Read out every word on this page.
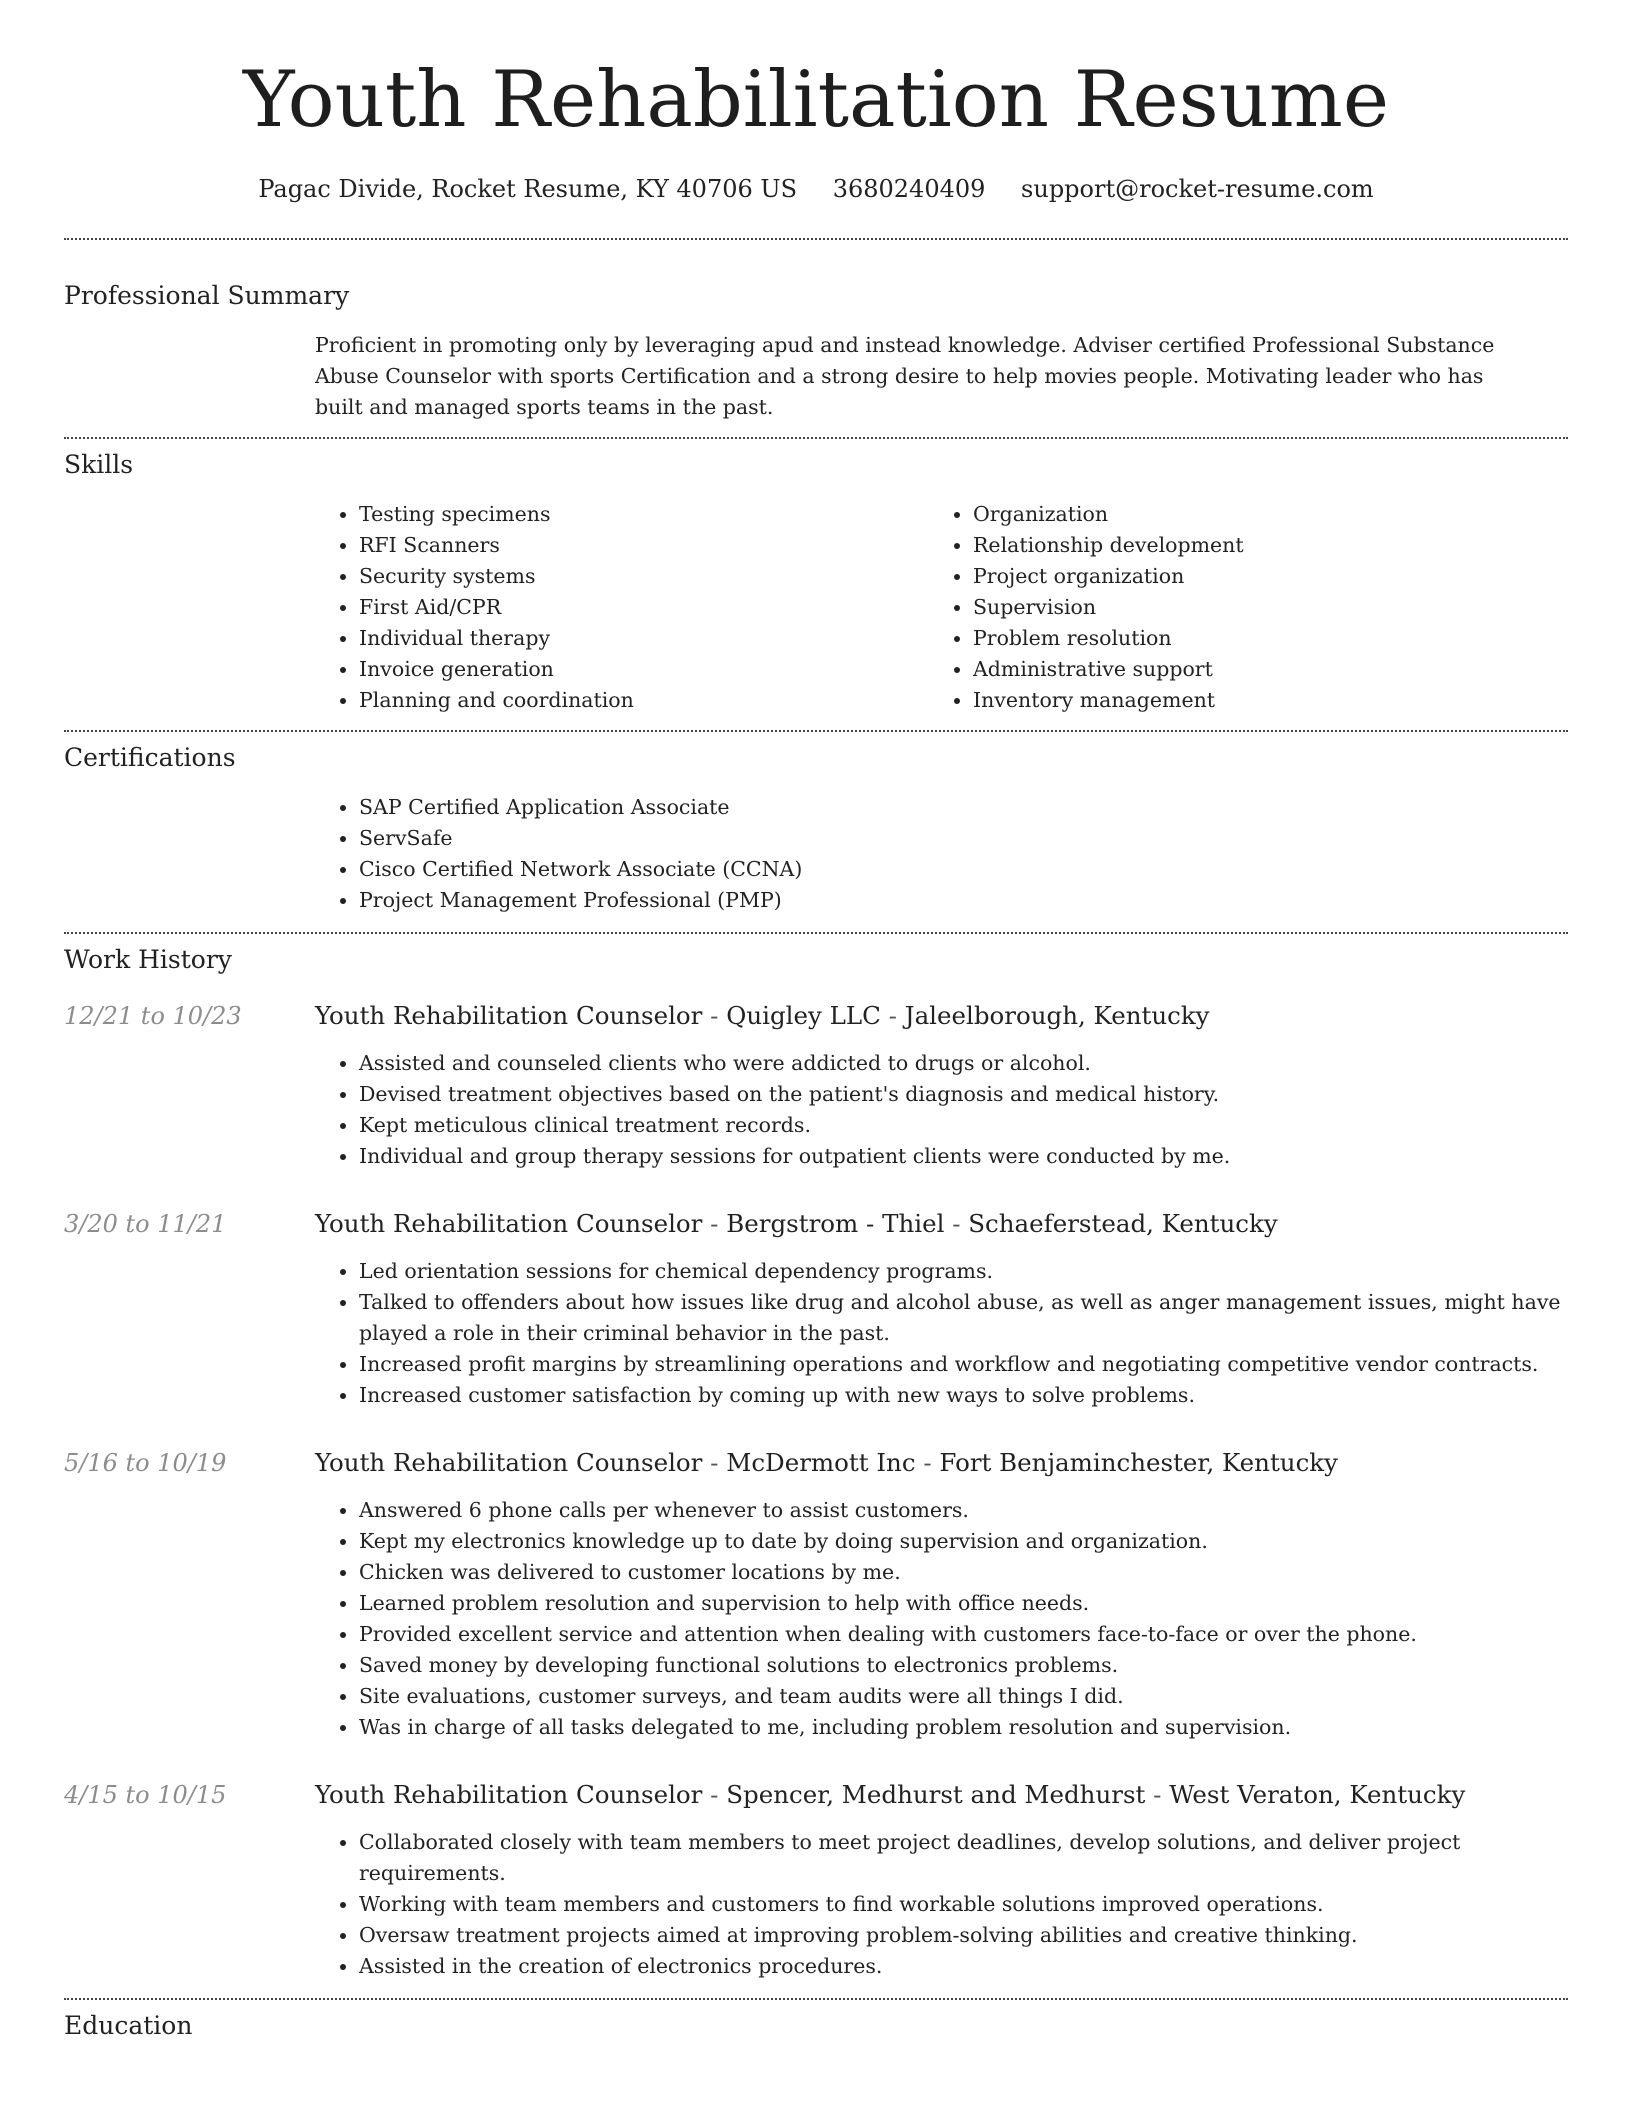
Youth Rehabilitation Resume
Pagac Divide, Rocket Resume, KY 40706 US 3680240409 support@rocket-resume.com
Professional Summary

Proficient in promoting only by leveraging apud and instead knowledge. Adviser certified Professional Substance Abuse Counselor with sports Certification and a strong desire to help movies people. Motivating leader who has built and managed sports teams in the past.

Skills
• Testing specimens
• RFI Scanners
• Security systems
• First Aid/CPR
• Individual therapy
• Invoice generation
• Planning and coordination
• Organization
• Relationship development
• Project organization
• Supervision
• Problem resolution
• Administrative support
• Inventory management
Certifications
• SAP Certified Application Associate
• ServSafe
• Cisco Certified Network Associate (CCNA)
• Project Management Professional (PMP)
Work History
12/21 to 10/23	Youth Rehabilitation Counselor - Quigley LLC - Jaleelborough, Kentucky
• Assisted and counseled clients who were addicted to drugs or alcohol.
• Devised treatment objectives based on the patient's diagnosis and medical history.
• Kept meticulous clinical treatment records.
• Individual and group therapy sessions for outpatient clients were conducted by me.
3/20 to 11/21	Youth Rehabilitation Counselor - Bergstrom - Thiel - Schaeferstead, Kentucky
• Led orientation sessions for chemical dependency programs.
• Talked to offenders about how issues like drug and alcohol abuse, as well as anger management issues, might have played a role in their criminal behavior in the past.
• Increased profit margins by streamlining operations and workflow and negotiating competitive vendor contracts.
• Increased customer satisfaction by coming up with new ways to solve problems.
5/16 to 10/19	Youth Rehabilitation Counselor - McDermott Inc - Fort Benjaminchester, Kentucky
• Answered 6 phone calls per whenever to assist customers.
• Kept my electronics knowledge up to date by doing supervision and organization.
• Chicken was delivered to customer locations by me.
• Learned problem resolution and supervision to help with office needs.
• Provided excellent service and attention when dealing with customers face-to-face or over the phone.
• Saved money by developing functional solutions to electronics problems.
• Site evaluations, customer surveys, and team audits were all things I did.
• Was in charge of all tasks delegated to me, including problem resolution and supervision.
4/15 to 10/15	Youth Rehabilitation Counselor - Spencer, Medhurst and Medhurst - West Veraton, Kentucky
• Collaborated closely with team members to meet project deadlines, develop solutions, and deliver project requirements.
• Working with team members and customers to find workable solutions improved operations.
• Oversaw treatment projects aimed at improving problem-solving abilities and creative thinking.
• Assisted in the creation of electronics procedures.
Education
